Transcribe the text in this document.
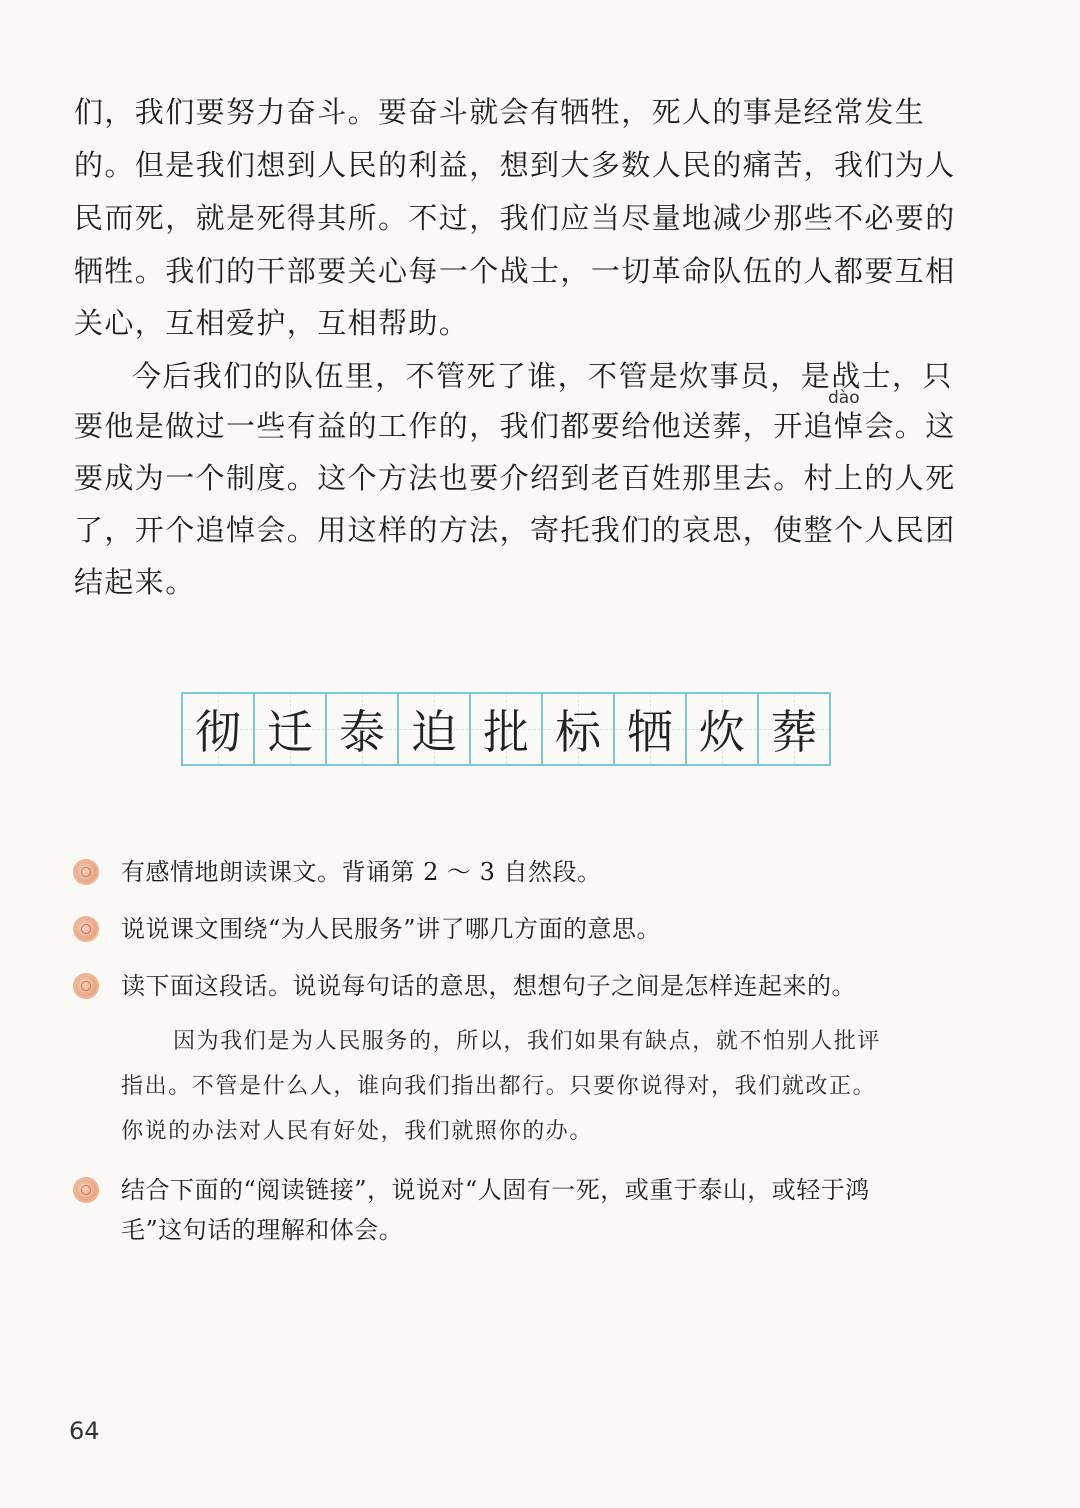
们，我们要努力奋斗。要奋斗就会有牺牲，死人的事是经常发生
的。但是我们想到人民的利益，想到大多数人民的痛苦，我们为人
民而死，就是死得其所。不过，我们应当尽量地减少那些不必要的
牺牲。我们的干部要关心每一个战士，一切革命队伍的人都要互相
关心，互相爱护，互相帮助。
今后我们的队伍里，不管死了谁，不管是炊事员，是战士，只
dào
要他是做过一些有益的工作的，我们都要给他送葬，开追悼会。这
要成为一个制度。这个方法也要介绍到老百姓那里去。村上的人死
了，开个追悼会。用这样的方法，寄托我们的哀思，使整个人民团
结起来。
彻 迁 泰 迫 批 标 牺 炊 葬
有感情地朗读课文。背诵第 2 ～ 3 自然段。
说说课文围绕“为人民服务”讲了哪几方面的意思。
读下面这段话。说说每句话的意思，想想句子之间是怎样连起来的。
因为我们是为人民服务的，所以，我们如果有缺点，就不怕别人批评
指出。不管是什么人，谁向我们指出都行。只要你说得对，我们就改正。
你说的办法对人民有好处，我们就照你的办。
结合下面的“阅读链接”，说说对“人固有一死，或重于泰山，或轻于鸿
毛”这句话的理解和体会。
64
